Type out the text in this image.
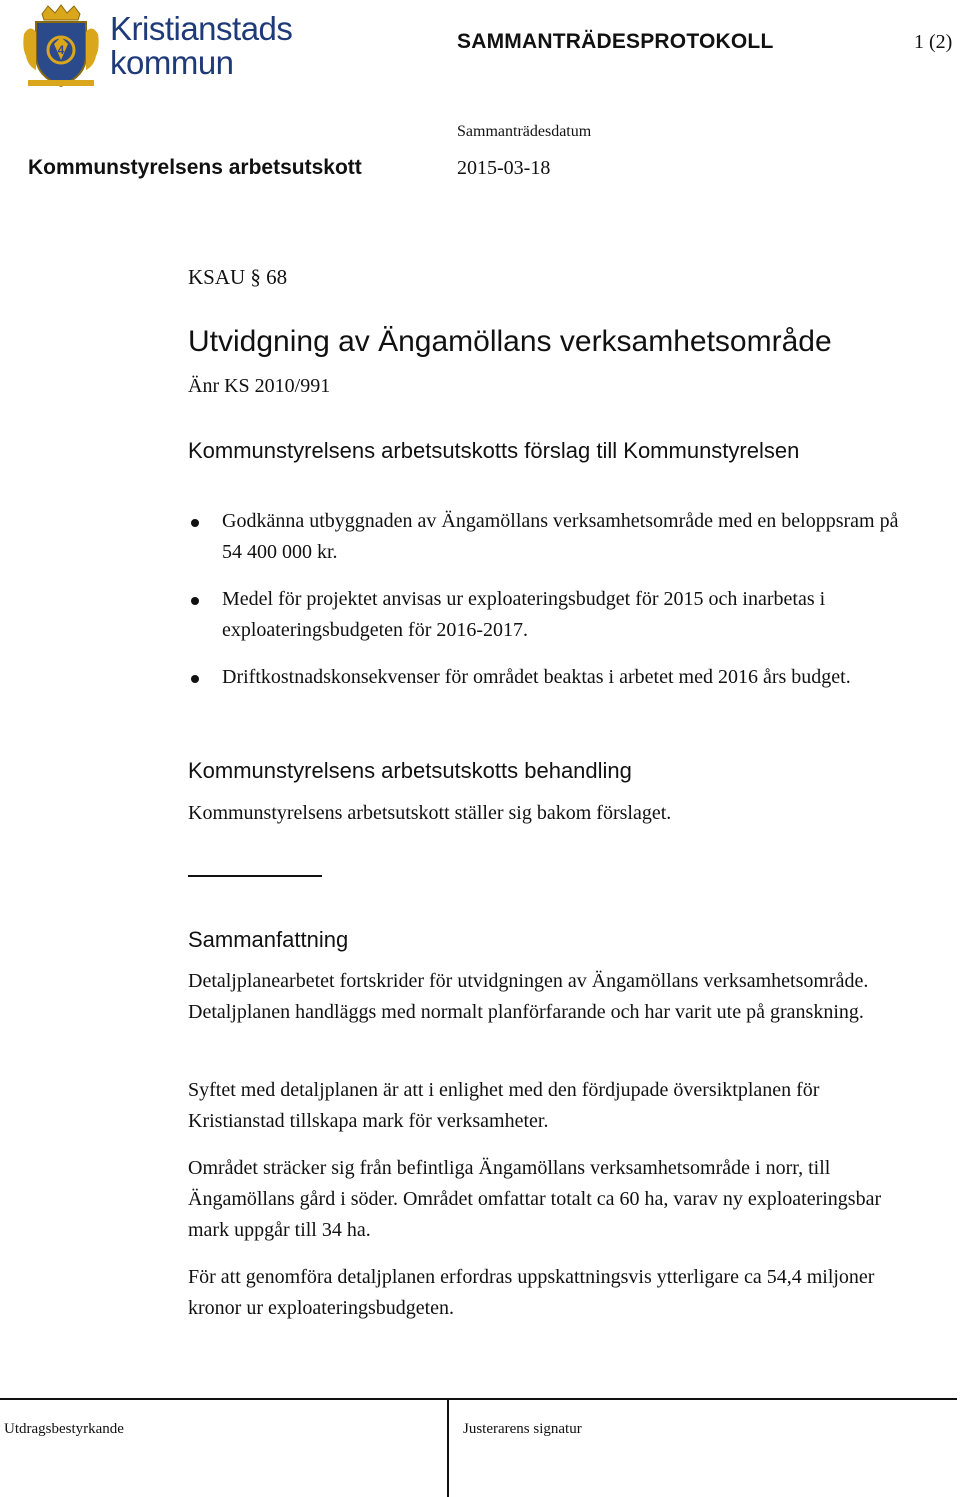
4
Kristianstads
kommun
SAMMANTRÄDESPROTOKOLL	1 (2)
Sammanträdesdatum
Kommunstyrelsens arbetsutskott	2015-03-18
KSAU § 68
Utvidgning av Ängamöllans verksamhetsområde
Änr KS 2010/991
Kommunstyrelsens arbetsutskotts förslag till Kommunstyrelsen
Godkänna utbyggnaden av Ängamöllans verksamhetsområde med en beloppsram på 54 400 000 kr.
Medel för projektet anvisas ur exploateringsbudget för 2015 och inarbetas i exploateringsbudgeten för 2016-2017.
Driftkostnadskonsekvenser för området beaktas i arbetet med 2016 års budget.
Kommunstyrelsens arbetsutskotts behandling
Kommunstyrelsens arbetsutskott ställer sig bakom förslaget.
Sammanfattning
Detaljplanearbetet fortskrider för utvidgningen av Ängamöllans verksamhetsområde. Detaljplanen handläggs med normalt planförfarande och har varit ute på granskning.
Syftet med detaljplanen är att i enlighet med den fördjupade översiktplanen för Kristianstad tillskapa mark för verksamheter.
Området sträcker sig från befintliga Ängamöllans verksamhetsområde i norr, till Ängamöllans gård i söder. Området omfattar totalt ca 60 ha, varav ny exploateringsbar mark uppgår till 34 ha.
För att genomföra detaljplanen erfordras uppskattningsvis ytterligare ca 54,4 miljoner kronor ur exploateringsbudgeten.
Utdragsbestyrkande	Justerarens signatur
